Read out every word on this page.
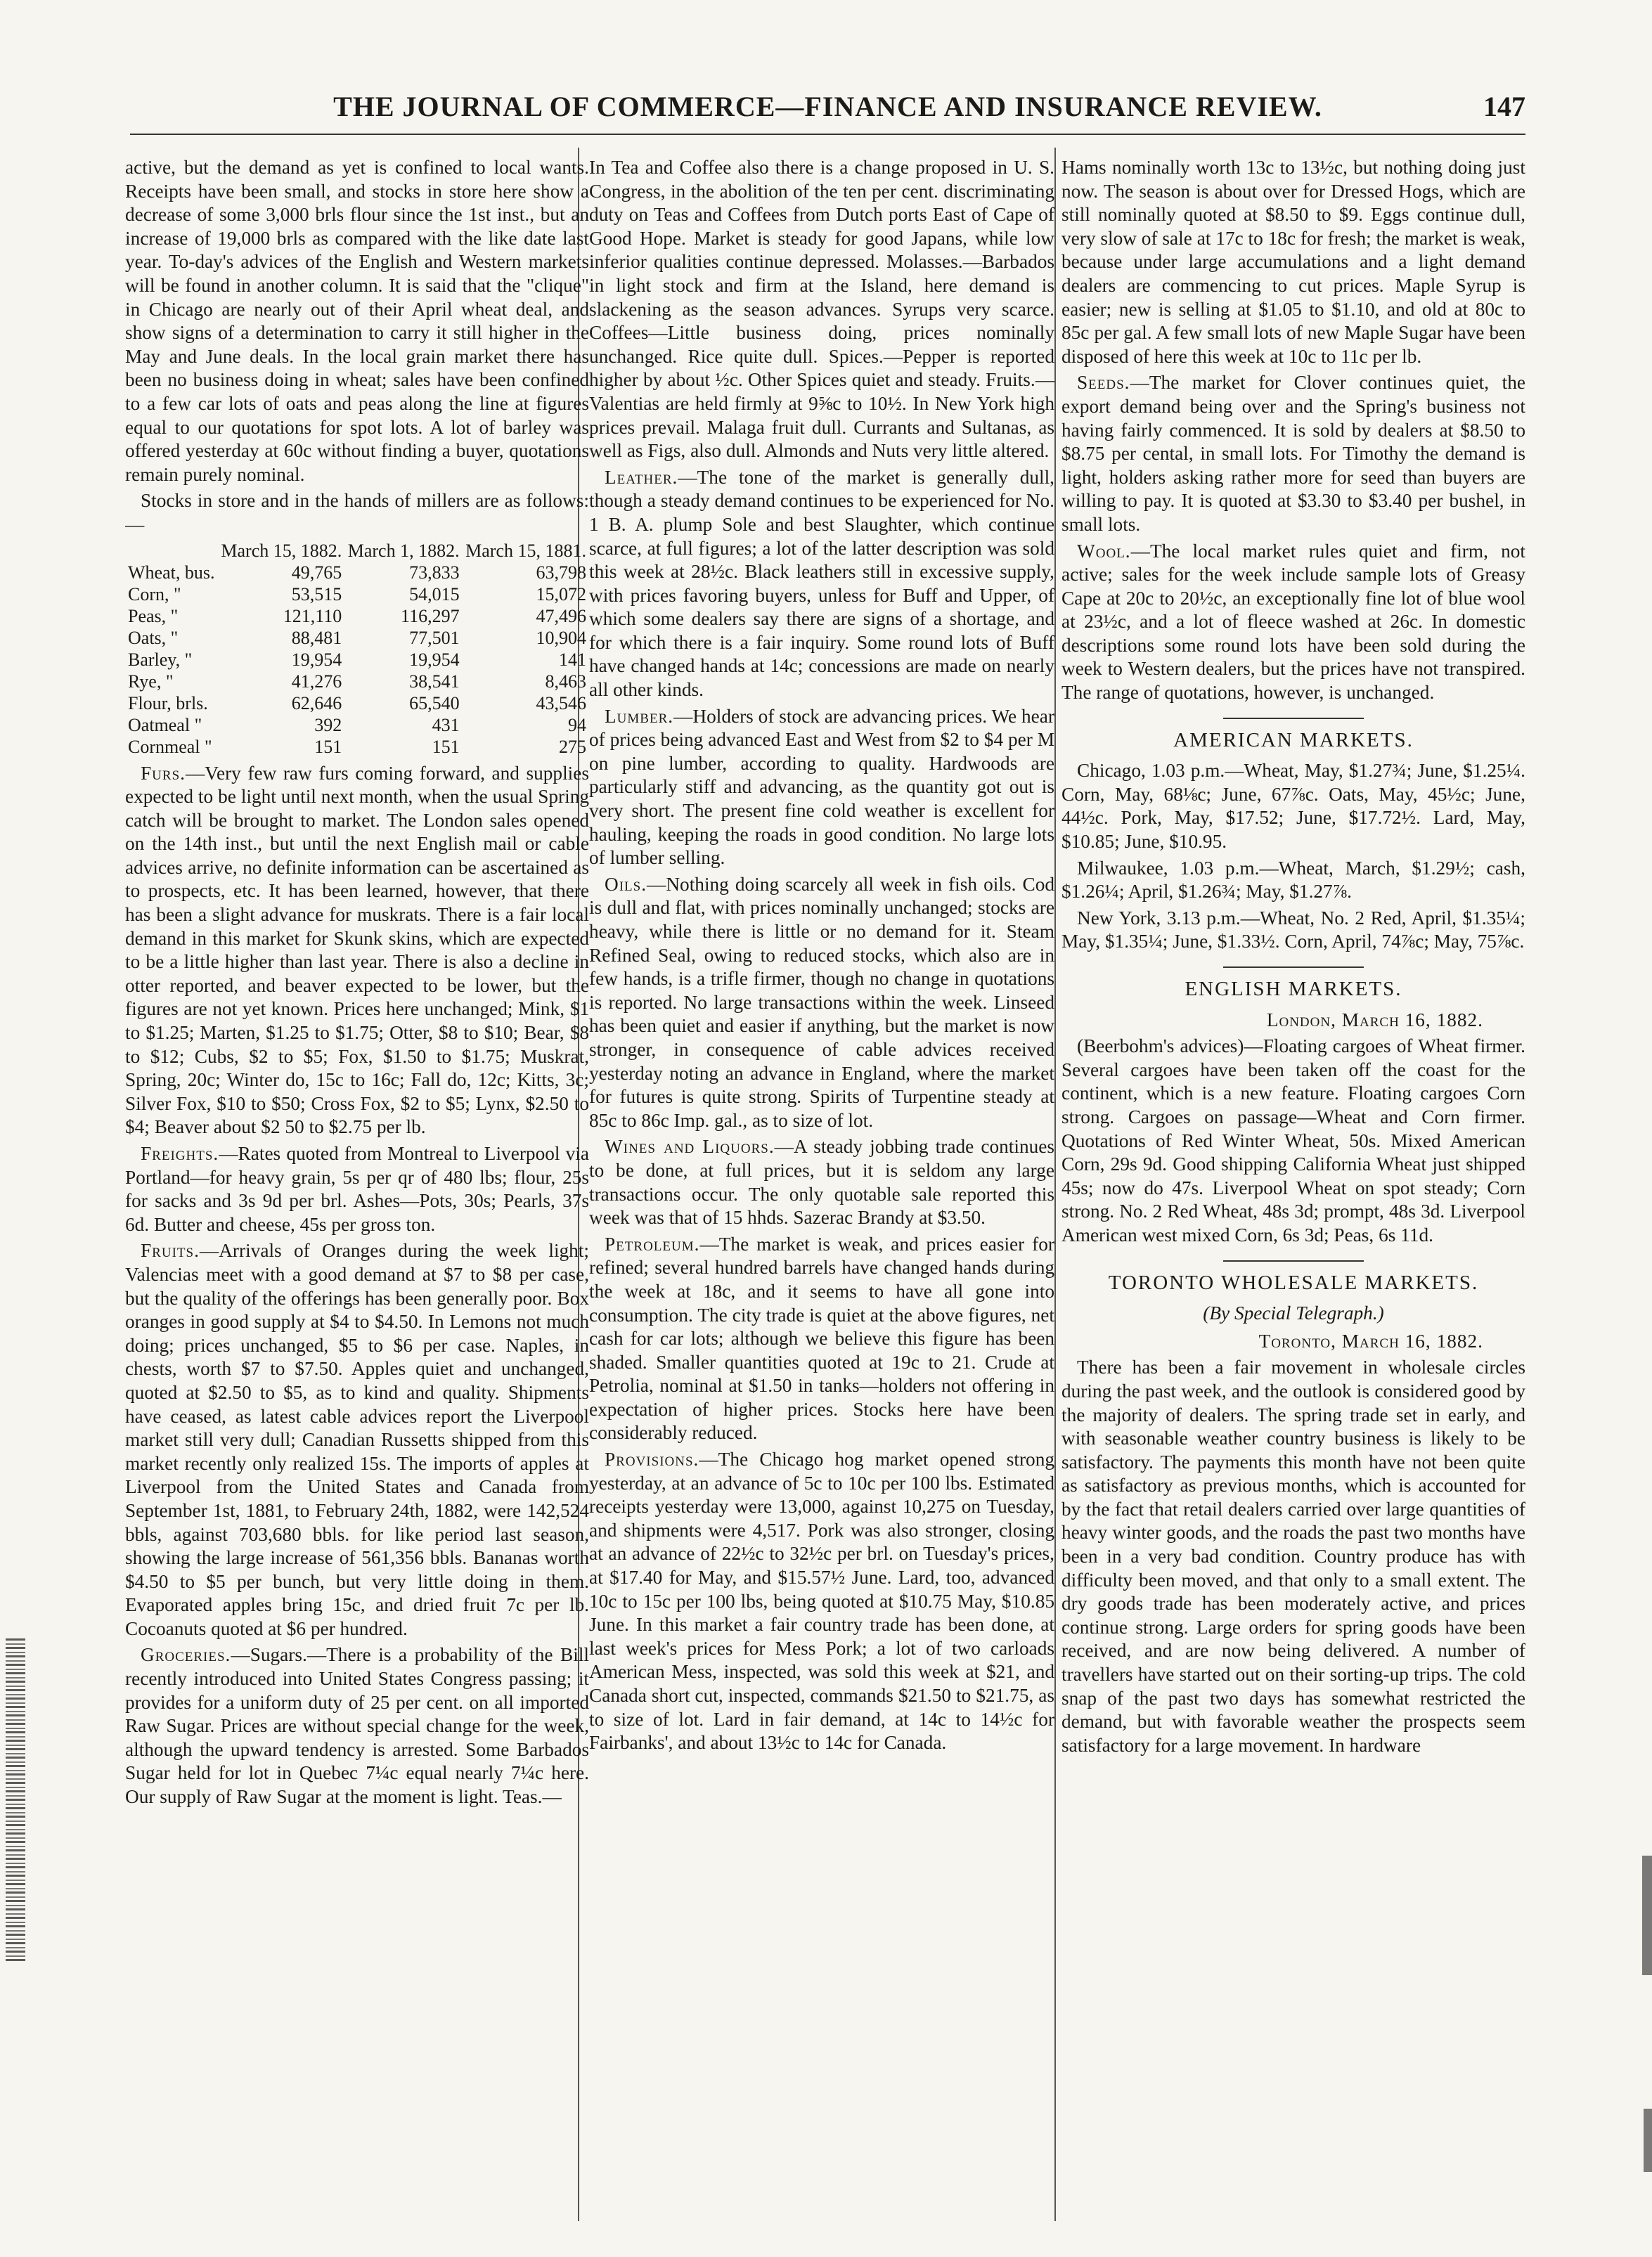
THE JOURNAL OF COMMERCE—FINANCE AND INSURANCE REVIEW.	147

active, but the demand as yet is confined to local wants. Receipts have been small, and stocks in store here show a decrease of some 3,000 brls flour since the 1st inst., but an increase of 19,000 brls as compared with the like date last year. To-day's advices of the English and Western markets will be found in another column. It is said that the "clique" in Chicago are nearly out of their April wheat deal, and show signs of a determination to carry it still higher in the May and June deals. In the local grain market there has been no business doing in wheat; sales have been confined to a few car lots of oats and peas along the line at figures equal to our quotations for spot lots. A lot of barley was offered yesterday at 60c without finding a buyer, quotations remain purely nominal.

Stocks in store and in the hands of millers are as follows:—

	March 15, 1882.	March 1, 1882.	March 15, 1881.
Wheat, bus.	49,765	73,833	63,798
Corn, "	53,515	54,015	15,072
Peas, "	121,110	116,297	47,496
Oats, "	88,481	77,501	10,904
Barley, "	19,954	19,954	141
Rye, "	41,276	38,541	8,463
Flour, brls.	62,646	65,540	43,546
Oatmeal "	392	431	94
Cornmeal "	151	151	275

Furs.—Very few raw furs coming forward, and supplies expected to be light until next month, when the usual Spring catch will be brought to market. The London sales opened on the 14th inst., but until the next English mail or cable advices arrive, no definite information can be ascertained as to prospects, etc. It has been learned, however, that there has been a slight advance for muskrats. There is a fair local demand in this market for Skunk skins, which are expected to be a little higher than last year. There is also a decline in otter reported, and beaver expected to be lower, but the figures are not yet known. Prices here unchanged; Mink, $1 to $1.25; Marten, $1.25 to $1.75; Otter, $8 to $10; Bear, $8 to $12; Cubs, $2 to $5; Fox, $1.50 to $1.75; Muskrat, Spring, 20c; Winter do, 15c to 16c; Fall do, 12c; Kitts, 3c; Silver Fox, $10 to $50; Cross Fox, $2 to $5; Lynx, $2.50 to $4; Beaver about $2 50 to $2.75 per lb.

Freights.—Rates quoted from Montreal to Liverpool via Portland—for heavy grain, 5s per qr of 480 lbs; flour, 25s for sacks and 3s 9d per brl. Ashes—Pots, 30s; Pearls, 37s 6d. Butter and cheese, 45s per gross ton.

Fruits.—Arrivals of Oranges during the week light; Valencias meet with a good demand at $7 to $8 per case, but the quality of the offerings has been generally poor. Box oranges in good supply at $4 to $4.50. In Lemons not much doing; prices unchanged, $5 to $6 per case. Naples, in chests, worth $7 to $7.50. Apples quiet and unchanged, quoted at $2.50 to $5, as to kind and quality. Shipments have ceased, as latest cable advices report the Liverpool market still very dull; Canadian Russetts shipped from this market recently only realized 15s. The imports of apples at Liverpool from the United States and Canada from September 1st, 1881, to February 24th, 1882, were 142,524 bbls, against 703,680 bbls. for like period last season, showing the large increase of 561,356 bbls. Bananas worth $4.50 to $5 per bunch, but very little doing in them. Evaporated apples bring 15c, and dried fruit 7c per lb. Cocoanuts quoted at $6 per hundred.

Groceries.—Sugars.—There is a probability of the Bill recently introduced into United States Congress passing; it provides for a uniform duty of 25 per cent. on all imported Raw Sugar. Prices are without special change for the week, although the upward tendency is arrested. Some Barbados Sugar held for lot in Quebec 7¼c equal nearly 7¼c here. Our supply of Raw Sugar at the moment is light. Teas.—

In Tea and Coffee also there is a change proposed in U. S. Congress, in the abolition of the ten per cent. discriminating duty on Teas and Coffees from Dutch ports East of Cape of Good Hope. Market is steady for good Japans, while low inferior qualities continue depressed. Molasses.—Barbados in light stock and firm at the Island, here demand is slackening as the season advances. Syrups very scarce. Coffees—Little business doing, prices nominally unchanged. Rice quite dull. Spices.—Pepper is reported higher by about ½c. Other Spices quiet and steady. Fruits.—Valentias are held firmly at 9⅝c to 10½. In New York high prices prevail. Malaga fruit dull. Currants and Sultanas, as well as Figs, also dull. Almonds and Nuts very little altered.

Leather.—The tone of the market is generally dull, though a steady demand continues to be experienced for No. 1 B. A. plump Sole and best Slaughter, which continue scarce, at full figures; a lot of the latter description was sold this week at 28½c. Black leathers still in excessive supply, with prices favoring buyers, unless for Buff and Upper, of which some dealers say there are signs of a shortage, and for which there is a fair inquiry. Some round lots of Buff have changed hands at 14c; concessions are made on nearly all other kinds.

Lumber.—Holders of stock are advancing prices. We hear of prices being advanced East and West from $2 to $4 per M on pine lumber, according to quality. Hardwoods are particularly stiff and advancing, as the quantity got out is very short. The present fine cold weather is excellent for hauling, keeping the roads in good condition. No large lots of lumber selling.

Oils.—Nothing doing scarcely all week in fish oils. Cod is dull and flat, with prices nominally unchanged; stocks are heavy, while there is little or no demand for it. Steam Refined Seal, owing to reduced stocks, which also are in few hands, is a trifle firmer, though no change in quotations is reported. No large transactions within the week. Linseed has been quiet and easier if anything, but the market is now stronger, in consequence of cable advices received yesterday noting an advance in England, where the market for futures is quite strong. Spirits of Turpentine steady at 85c to 86c Imp. gal., as to size of lot.

Wines and Liquors.—A steady jobbing trade continues to be done, at full prices, but it is seldom any large transactions occur. The only quotable sale reported this week was that of 15 hhds. Sazerac Brandy at $3.50.

Petroleum.—The market is weak, and prices easier for refined; several hundred barrels have changed hands during the week at 18c, and it seems to have all gone into consumption. The city trade is quiet at the above figures, net cash for car lots; although we believe this figure has been shaded. Smaller quantities quoted at 19c to 21. Crude at Petrolia, nominal at $1.50 in tanks—holders not offering in expectation of higher prices. Stocks here have been considerably reduced.

Provisions.—The Chicago hog market opened strong yesterday, at an advance of 5c to 10c per 100 lbs. Estimated receipts yesterday were 13,000, against 10,275 on Tuesday, and shipments were 4,517. Pork was also stronger, closing at an advance of 22½c to 32½c per brl. on Tuesday's prices, at $17.40 for May, and $15.57½ June. Lard, too, advanced 10c to 15c per 100 lbs, being quoted at $10.75 May, $10.85 June. In this market a fair country trade has been done, at last week's prices for Mess Pork; a lot of two carloads American Mess, inspected, was sold this week at $21, and Canada short cut, inspected, commands $21.50 to $21.75, as to size of lot. Lard in fair demand, at 14c to 14½c for Fairbanks', and about 13½c to 14c for Canada.

Hams nominally worth 13c to 13½c, but nothing doing just now. The season is about over for Dressed Hogs, which are still nominally quoted at $8.50 to $9. Eggs continue dull, very slow of sale at 17c to 18c for fresh; the market is weak, because under large accumulations and a light demand dealers are commencing to cut prices. Maple Syrup is easier; new is selling at $1.05 to $1.10, and old at 80c to 85c per gal. A few small lots of new Maple Sugar have been disposed of here this week at 10c to 11c per lb.

Seeds.—The market for Clover continues quiet, the export demand being over and the Spring's business not having fairly commenced. It is sold by dealers at $8.50 to $8.75 per cental, in small lots. For Timothy the demand is light, holders asking rather more for seed than buyers are willing to pay. It is quoted at $3.30 to $3.40 per bushel, in small lots.

Wool.—The local market rules quiet and firm, not active; sales for the week include sample lots of Greasy Cape at 20c to 20½c, an exceptionally fine lot of blue wool at 23½c, and a lot of fleece washed at 26c. In domestic descriptions some round lots have been sold during the week to Western dealers, but the prices have not transpired. The range of quotations, however, is unchanged.

AMERICAN MARKETS.

Chicago, 1.03 p.m.—Wheat, May, $1.27¾; June, $1.25¼. Corn, May, 68⅛c; June, 67⅞c. Oats, May, 45½c; June, 44½c. Pork, May, $17.52; June, $17.72½. Lard, May, $10.85; June, $10.95.

Milwaukee, 1.03 p.m.—Wheat, March, $1.29½; cash, $1.26¼; April, $1.26¾; May, $1.27⅞.

New York, 3.13 p.m.—Wheat, No. 2 Red, April, $1.35¼; May, $1.35¼; June, $1.33½. Corn, April, 74⅞c; May, 75⅞c.

ENGLISH MARKETS.
London, March 16, 1882.

(Beerbohm's advices)—Floating cargoes of Wheat firmer. Several cargoes have been taken off the coast for the continent, which is a new feature. Floating cargoes Corn strong. Cargoes on passage—Wheat and Corn firmer. Quotations of Red Winter Wheat, 50s. Mixed American Corn, 29s 9d. Good shipping California Wheat just shipped 45s; now do 47s. Liverpool Wheat on spot steady; Corn strong. No. 2 Red Wheat, 48s 3d; prompt, 48s 3d. Liverpool American west mixed Corn, 6s 3d; Peas, 6s 11d.

TORONTO WHOLESALE MARKETS.
(By Special Telegraph.)
Toronto, March 16, 1882.

There has been a fair movement in wholesale circles during the past week, and the outlook is considered good by the majority of dealers. The spring trade set in early, and with seasonable weather country business is likely to be satisfactory. The payments this month have not been quite as satisfactory as previous months, which is accounted for by the fact that retail dealers carried over large quantities of heavy winter goods, and the roads the past two months have been in a very bad condition. Country produce has with difficulty been moved, and that only to a small extent. The dry goods trade has been moderately active, and prices continue strong. Large orders for spring goods have been received, and are now being delivered. A number of travellers have started out on their sorting-up trips. The cold snap of the past two days has somewhat restricted the demand, but with favorable weather the prospects seem satisfactory for a large movement. In hardware
